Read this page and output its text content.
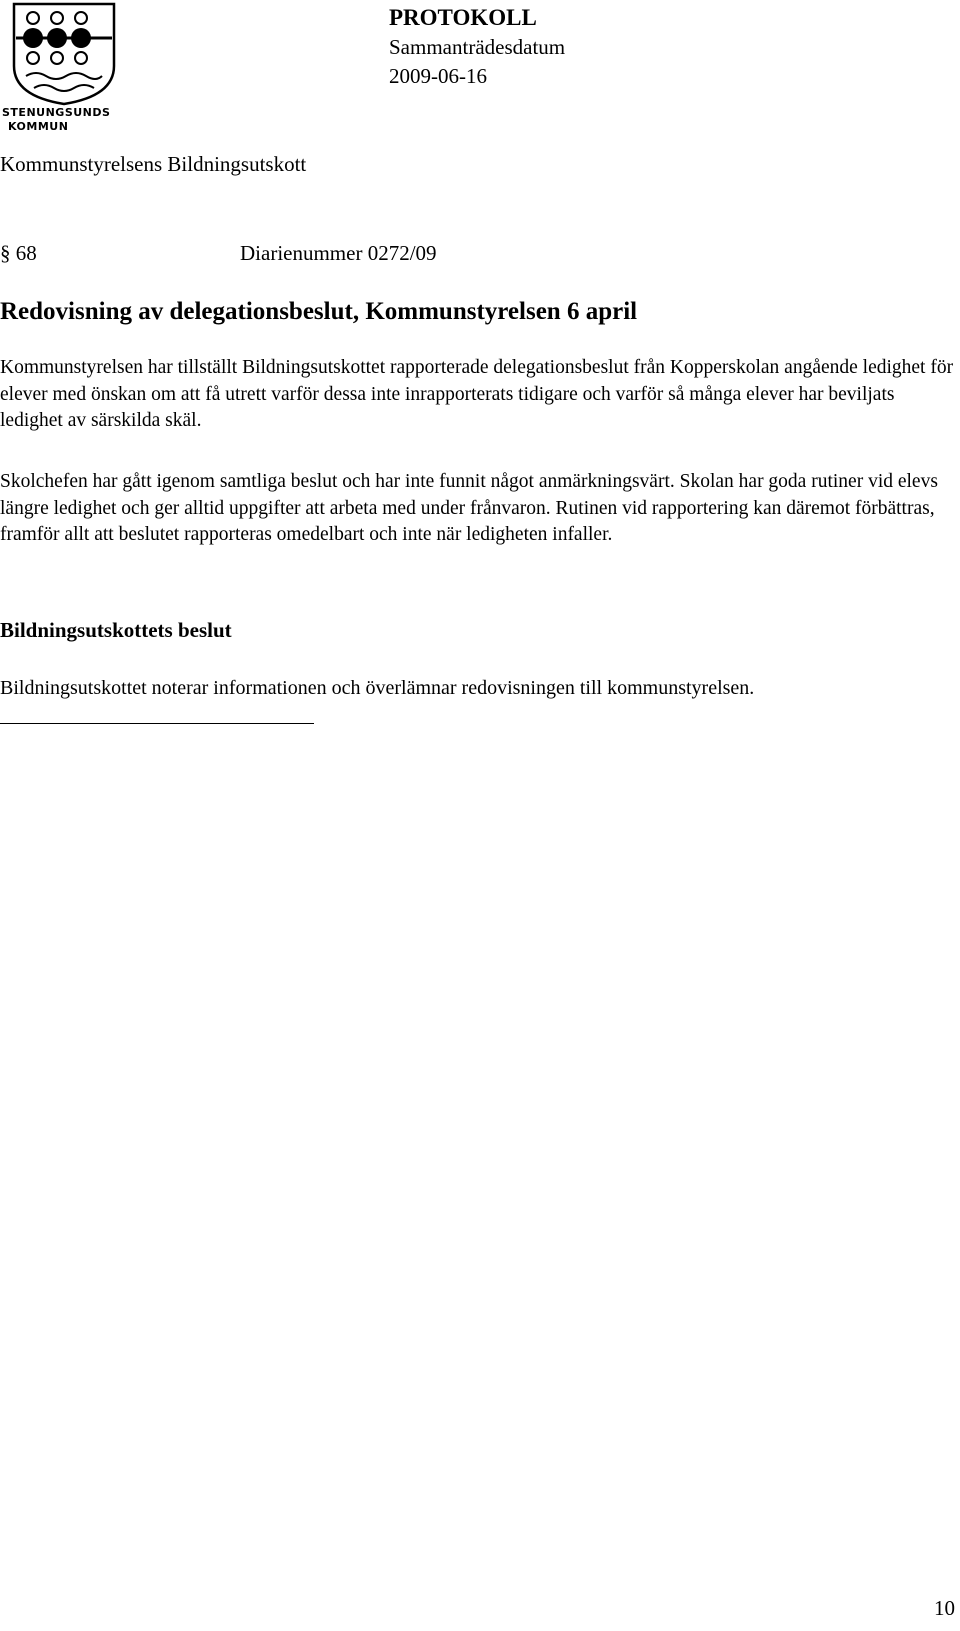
STENUNGSUNDS
KOMMUN
PROTOKOLL
Sammanträdesdatum
2009-06-16
Kommunstyrelsens Bildningsutskott
§ 68	Diarienummer 0272/09
Redovisning av delegationsbeslut, Kommunstyrelsen 6 april

Kommunstyrelsen har tillställt Bildningsutskottet rapporterade delegationsbeslut från Kopperskolan angående ledighet för elever med önskan om att få utrett varför dessa inte inrapporterats tidigare och varför så många elever har beviljats ledighet av särskilda skäl.

Skolchefen har gått igenom samtliga beslut och har inte funnit något anmärkningsvärt. Skolan har goda rutiner vid elevs längre ledighet och ger alltid uppgifter att arbeta med under frånvaron. Rutinen vid rapportering kan däremot förbättras, framför allt att beslutet rapporteras omedelbart och inte när ledigheten infaller.

Bildningsutskottets beslut
Bildningsutskottet noterar informationen och överlämnar redovisningen till kommunstyrelsen.
10
